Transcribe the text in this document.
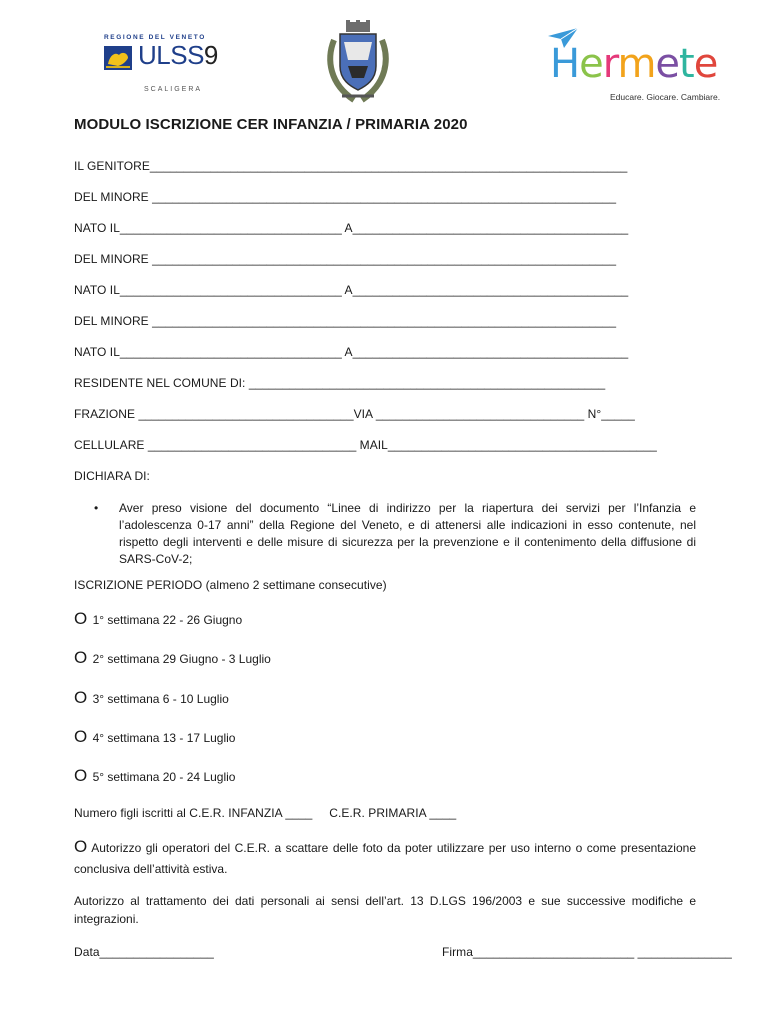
REGIONE DEL VENETO
ULSS9
SCALIGERA
Hermete
Educare. Giocare. Cambiare.
MODULO ISCRIZIONE CER INFANZIA / PRIMARIA 2020
IL GENITORE_______________________________________________________________________
DEL MINORE _____________________________________________________________________
NATO IL_________________________________ A_________________________________________
DEL MINORE _____________________________________________________________________
NATO IL_________________________________ A_________________________________________
DEL MINORE _____________________________________________________________________
NATO IL_________________________________ A_________________________________________
RESIDENTE NEL COMUNE DI: _____________________________________________________
FRAZIONE ________________________________VIA _______________________________ N°_____
CELLULARE _______________________________ MAIL________________________________________
DICHIARA DI:
• Aver preso visione del documento “Linee di indirizzo per la riapertura dei servizi per l’Infanzia e l’adolescenza 0-17 anni” della Regione del Veneto, e di attenersi alle indicazioni in esso contenute, nel rispetto degli interventi e delle misure di sicurezza per la prevenzione e il contenimento della diffusione di SARS-CoV-2;
ISCRIZIONE PERIODO (almeno 2 settimane consecutive)
O 1° settimana 22 - 26 Giugno
O 2° settimana 29 Giugno - 3 Luglio
O 3° settimana 6 - 10 Luglio
O 4° settimana 13 - 17 Luglio
O 5° settimana 20 - 24 Luglio
Numero figli iscritti al C.E.R. INFANZIA ____     C.E.R. PRIMARIA ____
O Autorizzo gli operatori del C.E.R. a scattare delle foto da poter utilizzare per uso interno o come presentazione conclusiva dell’attività estiva.
Autorizzo al trattamento dei dati personali ai sensi dell’art. 13 D.LGS 196/2003 e sue successive modifiche e integrazioni.
Data_________________	Firma________________________ ______________
